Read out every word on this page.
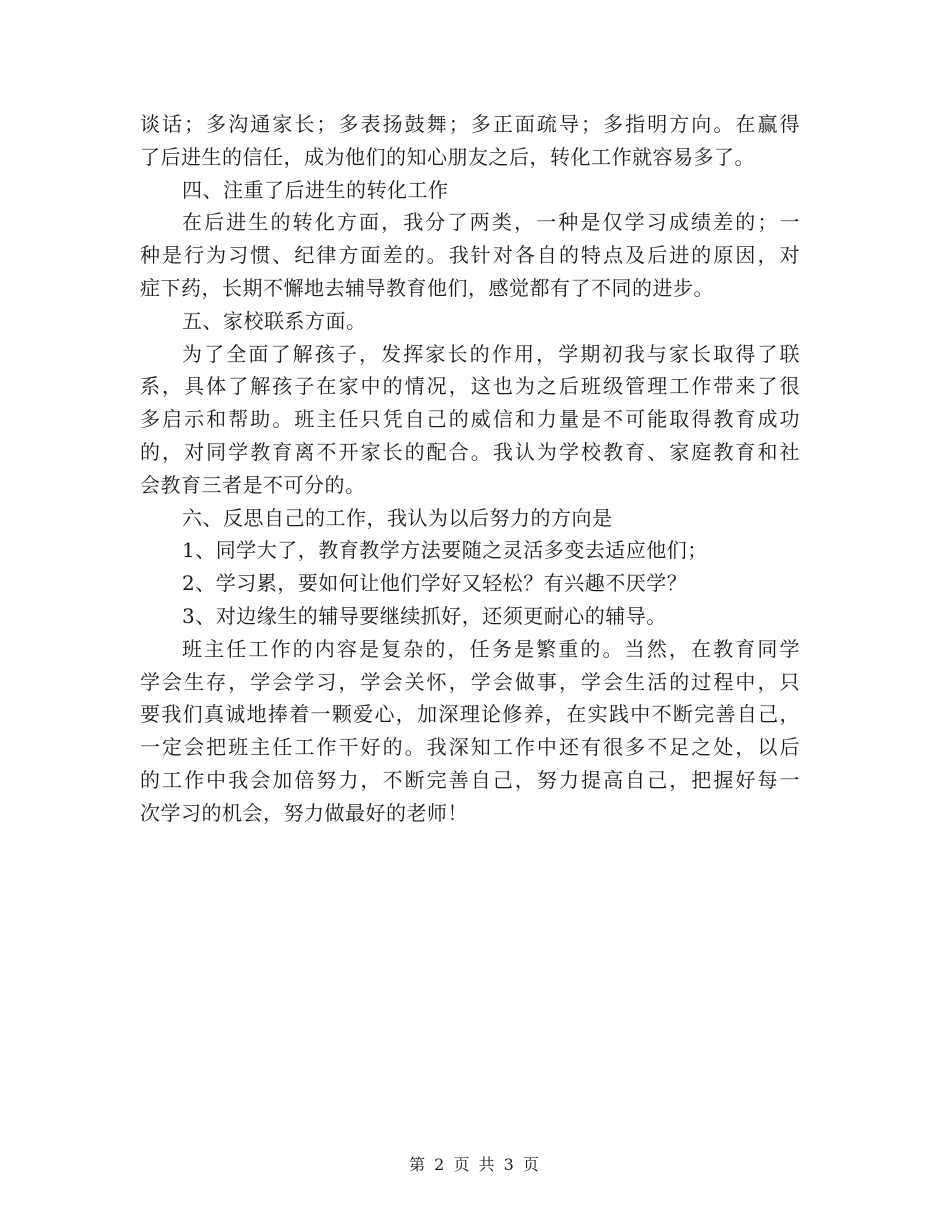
谈话；多沟通家长；多表扬鼓舞；多正面疏导；多指明方向。在赢得
了后进生的信任，成为他们的知心朋友之后，转化工作就容易多了。
四、注重了后进生的转化工作
在后进生的转化方面，我分了两类，一种是仅学习成绩差的；一
种是行为习惯、纪律方面差的。我针对各自的特点及后进的原因，对
症下药，长期不懈地去辅导教育他们，感觉都有了不同的进步。
五、家校联系方面。
为了全面了解孩子，发挥家长的作用，学期初我与家长取得了联
系，具体了解孩子在家中的情况，这也为之后班级管理工作带来了很
多启示和帮助。班主任只凭自己的威信和力量是不可能取得教育成功
的，对同学教育离不开家长的配合。我认为学校教育、家庭教育和社
会教育三者是不可分的。
六、反思自己的工作，我认为以后努力的方向是
1、同学大了，教育教学方法要随之灵活多变去适应他们；
2、学习累，要如何让他们学好又轻松？有兴趣不厌学？
3、对边缘生的辅导要继续抓好，还须更耐心的辅导。
班主任工作的内容是复杂的，任务是繁重的。当然，在教育同学
学会生存，学会学习，学会关怀，学会做事，学会生活的过程中，只
要我们真诚地捧着一颗爱心，加深理论修养，在实践中不断完善自己，
一定会把班主任工作干好的。我深知工作中还有很多不足之处，以后
的工作中我会加倍努力，不断完善自己，努力提高自己，把握好每一
次学习的机会，努力做最好的老师！
第 2 页 共 3 页
